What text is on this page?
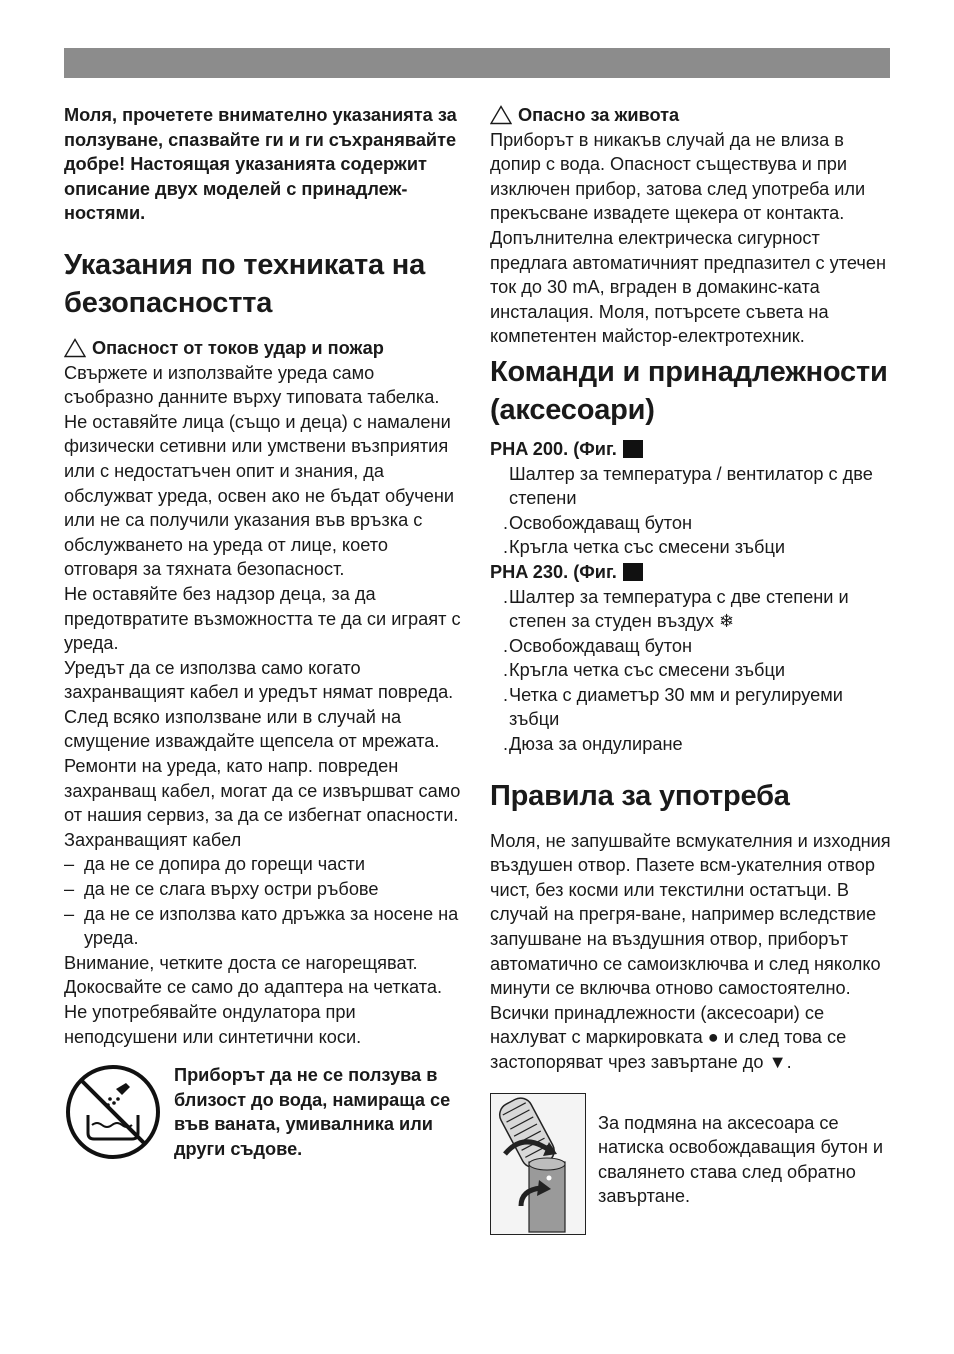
Моля, прочетете внимателно указанията за ползуване, спазвайте ги и ги съхранявайте добре! Настоящая указанията содержит описание двух моделей с принадлеж-ностями.

Указания по техниката на безопасността
Опасност от токов удар и пожар

Свържете и използвайте уреда само съобразно данните върху типовата табелка.

Не оставяйте лица (също и деца) с намалени физически сетивни или умствени възприятия или с недостатъчен опит и знания, да обслужват уреда, освен ако не бъдат обучени или не са получили указания във връзка с обслужването на уреда от лице, което отговаря за тяхната безопасност.

Не оставяйте без надзор деца, за да предотвратите възможността те да си играят с уреда.

Уредът да се използва само когато захранващият кабел и уредът нямат повреда. След всяко използване или в случай на смущение изваждайте щепсела от мрежата.

Ремонти на уреда, като напр. повреден захранващ кабел, могат да се извършват само от нашия сервиз, за да се избегнат опасности.

Захранващият кабел

– да не се допира до горещи части
– да не се слага върху остри ръбове
– да не се използва като дръжка за носене на уреда.

Внимание, четките доста се нагорещяват. Докосвайте се само до адаптера на четката.

Не употребявайте ондулатора при неподсушени или синтетични коси.

Приборът да не се ползува в близост до вода, намираща се във ваната, умивалника или други съдове.
Опасно за живота

Приборът в никакъв случай да не влиза в допир с вода. Опасност съществува и при изключен прибор, затова след употреба или прекъсване извадете щекера от контакта.

Допълнителна електрическа сигурност предлага автоматичният предпазител с утечен ток до 30 mA, вграден в домакинс-ката инсталация. Моля, потърсете съвета на компетентен майстор-електротехник.

Команди и принадлежности (аксесоари)
PHA 200. (Фиг.
Шалтер за температура / вентилатор с две степени
. Освобождаващ бутон
. Кръгла четка със смесени зъбци
PHA 230. (Фиг.
. Шалтер за температура с две степени и степен за студен въздух ❄
. Освобождаващ бутон
. Кръгла четка със смесени зъбци
. Четка с диаметър 30 мм и регулируеми зъбци
. Дюза за ондулиране
Правила за употреба

Моля, не запушвайте всмукателния и изходния въздушен отвор. Пазете всм-укателния отвор чист, без косми или текстилни остатъци. В случай на прегря-ване, например вследствие запушване на въздушния отвор, приборът автоматично се самоизключва и след няколко минути се включва отново самостоятелно.

Всички принадлежности (аксесоари) се нахлуват с маркировката ● и след това се застопоряват чрез завъртане до ▼.

За подмяна на аксесоара се натиска освобождаващия бутон и свалянето става след обратно завъртане.
